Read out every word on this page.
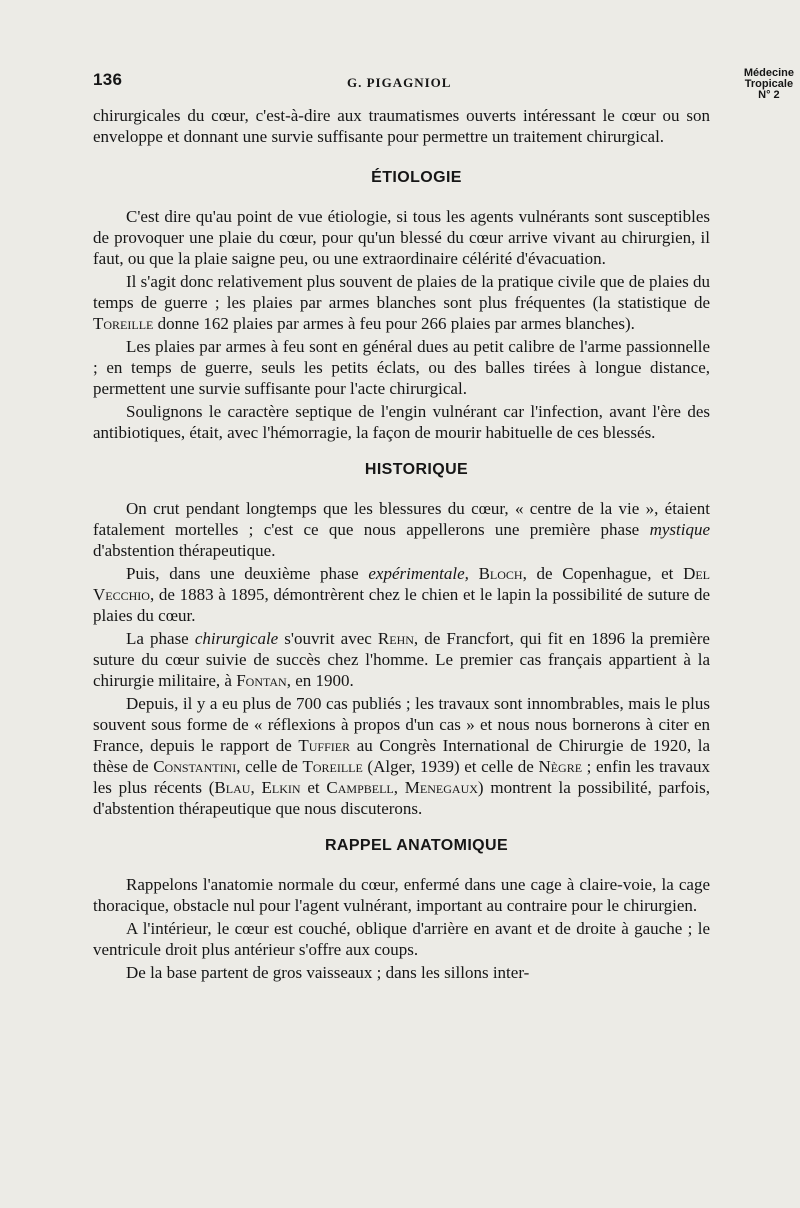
136	G. PIGAGNIOL
Médecine
Tropicale
N° 2

chirurgicales du cœur, c'est-à-dire aux traumatismes ouverts intéressant le cœur ou son enveloppe et donnant une survie suffisante pour permettre un traitement chirurgical.

ÉTIOLOGIE

C'est dire qu'au point de vue étiologie, si tous les agents vulnérants sont susceptibles de provoquer une plaie du cœur, pour qu'un blessé du cœur arrive vivant au chirurgien, il faut, ou que la plaie saigne peu, ou une extraordinaire célérité d'évacuation.

Il s'agit donc relativement plus souvent de plaies de la pratique civile que de plaies du temps de guerre ; les plaies par armes blanches sont plus fréquentes (la statistique de Toreille donne 162 plaies par armes à feu pour 266 plaies par armes blanches).

Les plaies par armes à feu sont en général dues au petit calibre de l'arme passionnelle ; en temps de guerre, seuls les petits éclats, ou des balles tirées à longue distance, permettent une survie suffisante pour l'acte chirurgical.

Soulignons le caractère septique de l'engin vulnérant car l'infection, avant l'ère des antibiotiques, était, avec l'hémorragie, la façon de mourir habituelle de ces blessés.

HISTORIQUE

On crut pendant longtemps que les blessures du cœur, « centre de la vie », étaient fatalement mortelles ; c'est ce que nous appellerons une première phase mystique d'abstention thérapeutique.

Puis, dans une deuxième phase expérimentale, Bloch, de Copenhague, et Del Vecchio, de 1883 à 1895, démontrèrent chez le chien et le lapin la possibilité de suture de plaies du cœur.

La phase chirurgicale s'ouvrit avec Rehn, de Francfort, qui fit en 1896 la première suture du cœur suivie de succès chez l'homme. Le premier cas français appartient à la chirurgie militaire, à Fontan, en 1900.

Depuis, il y a eu plus de 700 cas publiés ; les travaux sont innombrables, mais le plus souvent sous forme de « réflexions à propos d'un cas » et nous nous bornerons à citer en France, depuis le rapport de Tuffier au Congrès International de Chirurgie de 1920, la thèse de Constantini, celle de Toreille (Alger, 1939) et celle de Nègre ; enfin les travaux les plus récents (Blau, Elkin et Campbell, Menegaux) montrent la possibilité, parfois, d'abstention thérapeutique que nous discuterons.

RAPPEL ANATOMIQUE

Rappelons l'anatomie normale du cœur, enfermé dans une cage à claire-voie, la cage thoracique, obstacle nul pour l'agent vulnérant, important au contraire pour le chirurgien.

A l'intérieur, le cœur est couché, oblique d'arrière en avant et de droite à gauche ; le ventricule droit plus antérieur s'offre aux coups.

De la base partent de gros vaisseaux ; dans les sillons inter-
